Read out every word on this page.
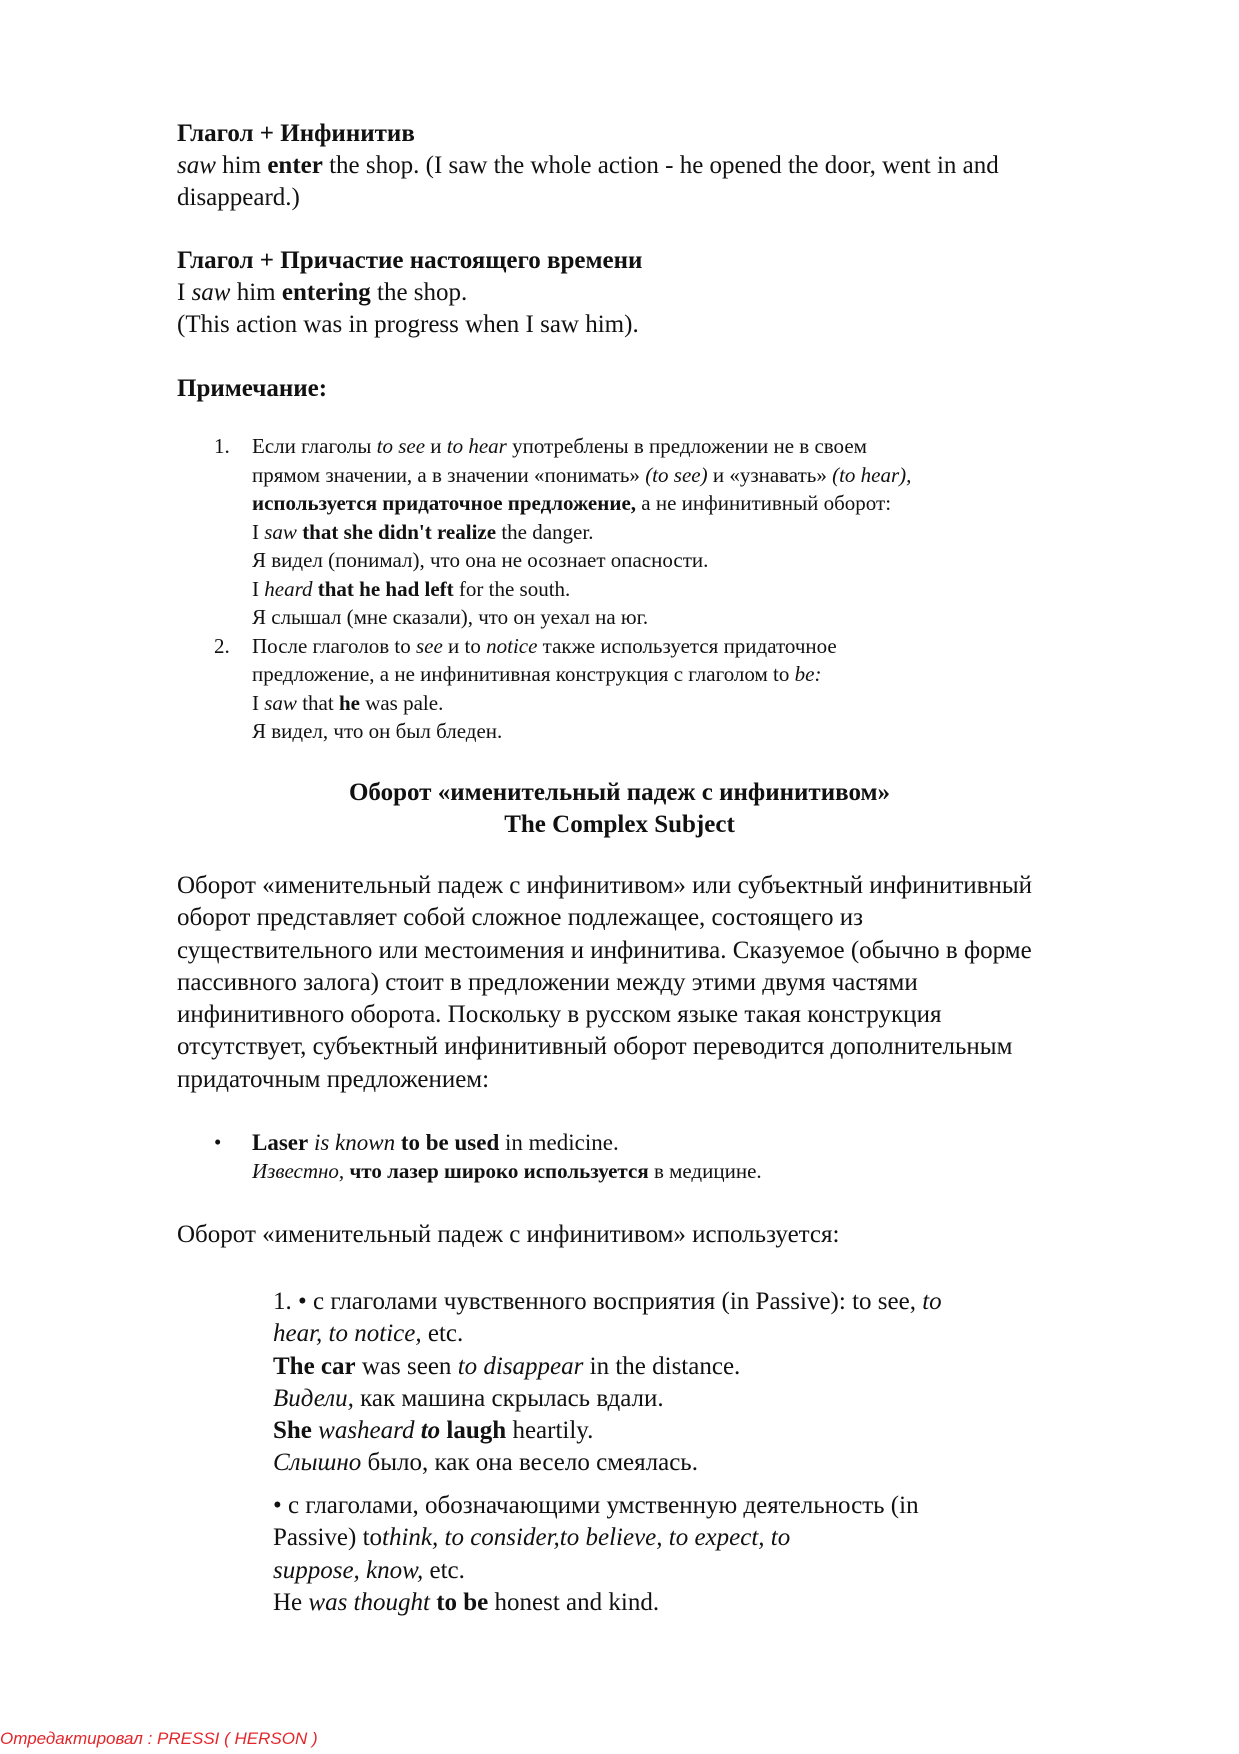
Глагол + Инфинитив
saw him enter the shop. (I saw the whole action - he opened the door, went in and
disappeard.)
Глагол + Причастие настоящего времени
I saw him entering the shop.
(This action was in progress when I saw him).
Примечание:
1. Если глаголы to see и to hear употреблены в предложении не в своем
прямом значении, а в значении «понимать» (to see) и «узнавать» (to hear),
используется придаточное предложение, а не инфинитивный оборот:
I saw that she didn't realize the danger.
Я видел (понимал), что она не осознает опасности.
I heard that he had left for the south.
Я слышал (мне сказали), что он уехал на юг.
2. После глаголов to see и to notice также используется придаточное
предложение, а не инфинитивная конструкция с глаголом to be:
I saw that he was pale.
Я видел, что он был бледен.
Оборот «именительный падеж с инфинитивом»
The Complex Subject
Оборот «именительный падеж с инфинитивом» или субъектный инфинитивный
оборот представляет собой сложное подлежащее, состоящего из
существительного или местоимения и инфинитива. Сказуемое (обычно в форме
пассивного залога) стоит в предложении между этими двумя частями
инфинитивного оборота. Поскольку в русском языке такая конструкция
отсутствует, субъектный инфинитивный оборот переводится дополнительным
придаточным предложением:
• Laser is known to be used in medicine.
Известно, что лазер широко используется в медицине.
Оборот «именительный падеж с инфинитивом» используется:
1. • с глаголами чувственного восприятия (in Passive): to see, to
hear, to notice, etc.
The car was seen to disappear in the distance.
Видели, как машина скрылась вдали.
She washeard to laugh heartily.
Слышно было, как она весело смеялась.
• с глаголами, обозначающими умственную деятельность (in
Passive) tothink, to consider,to believe, to expect, to
suppose, know, etc.
He was thought to be honest and kind.
Отредактировал : PRESSI ( HERSON )
